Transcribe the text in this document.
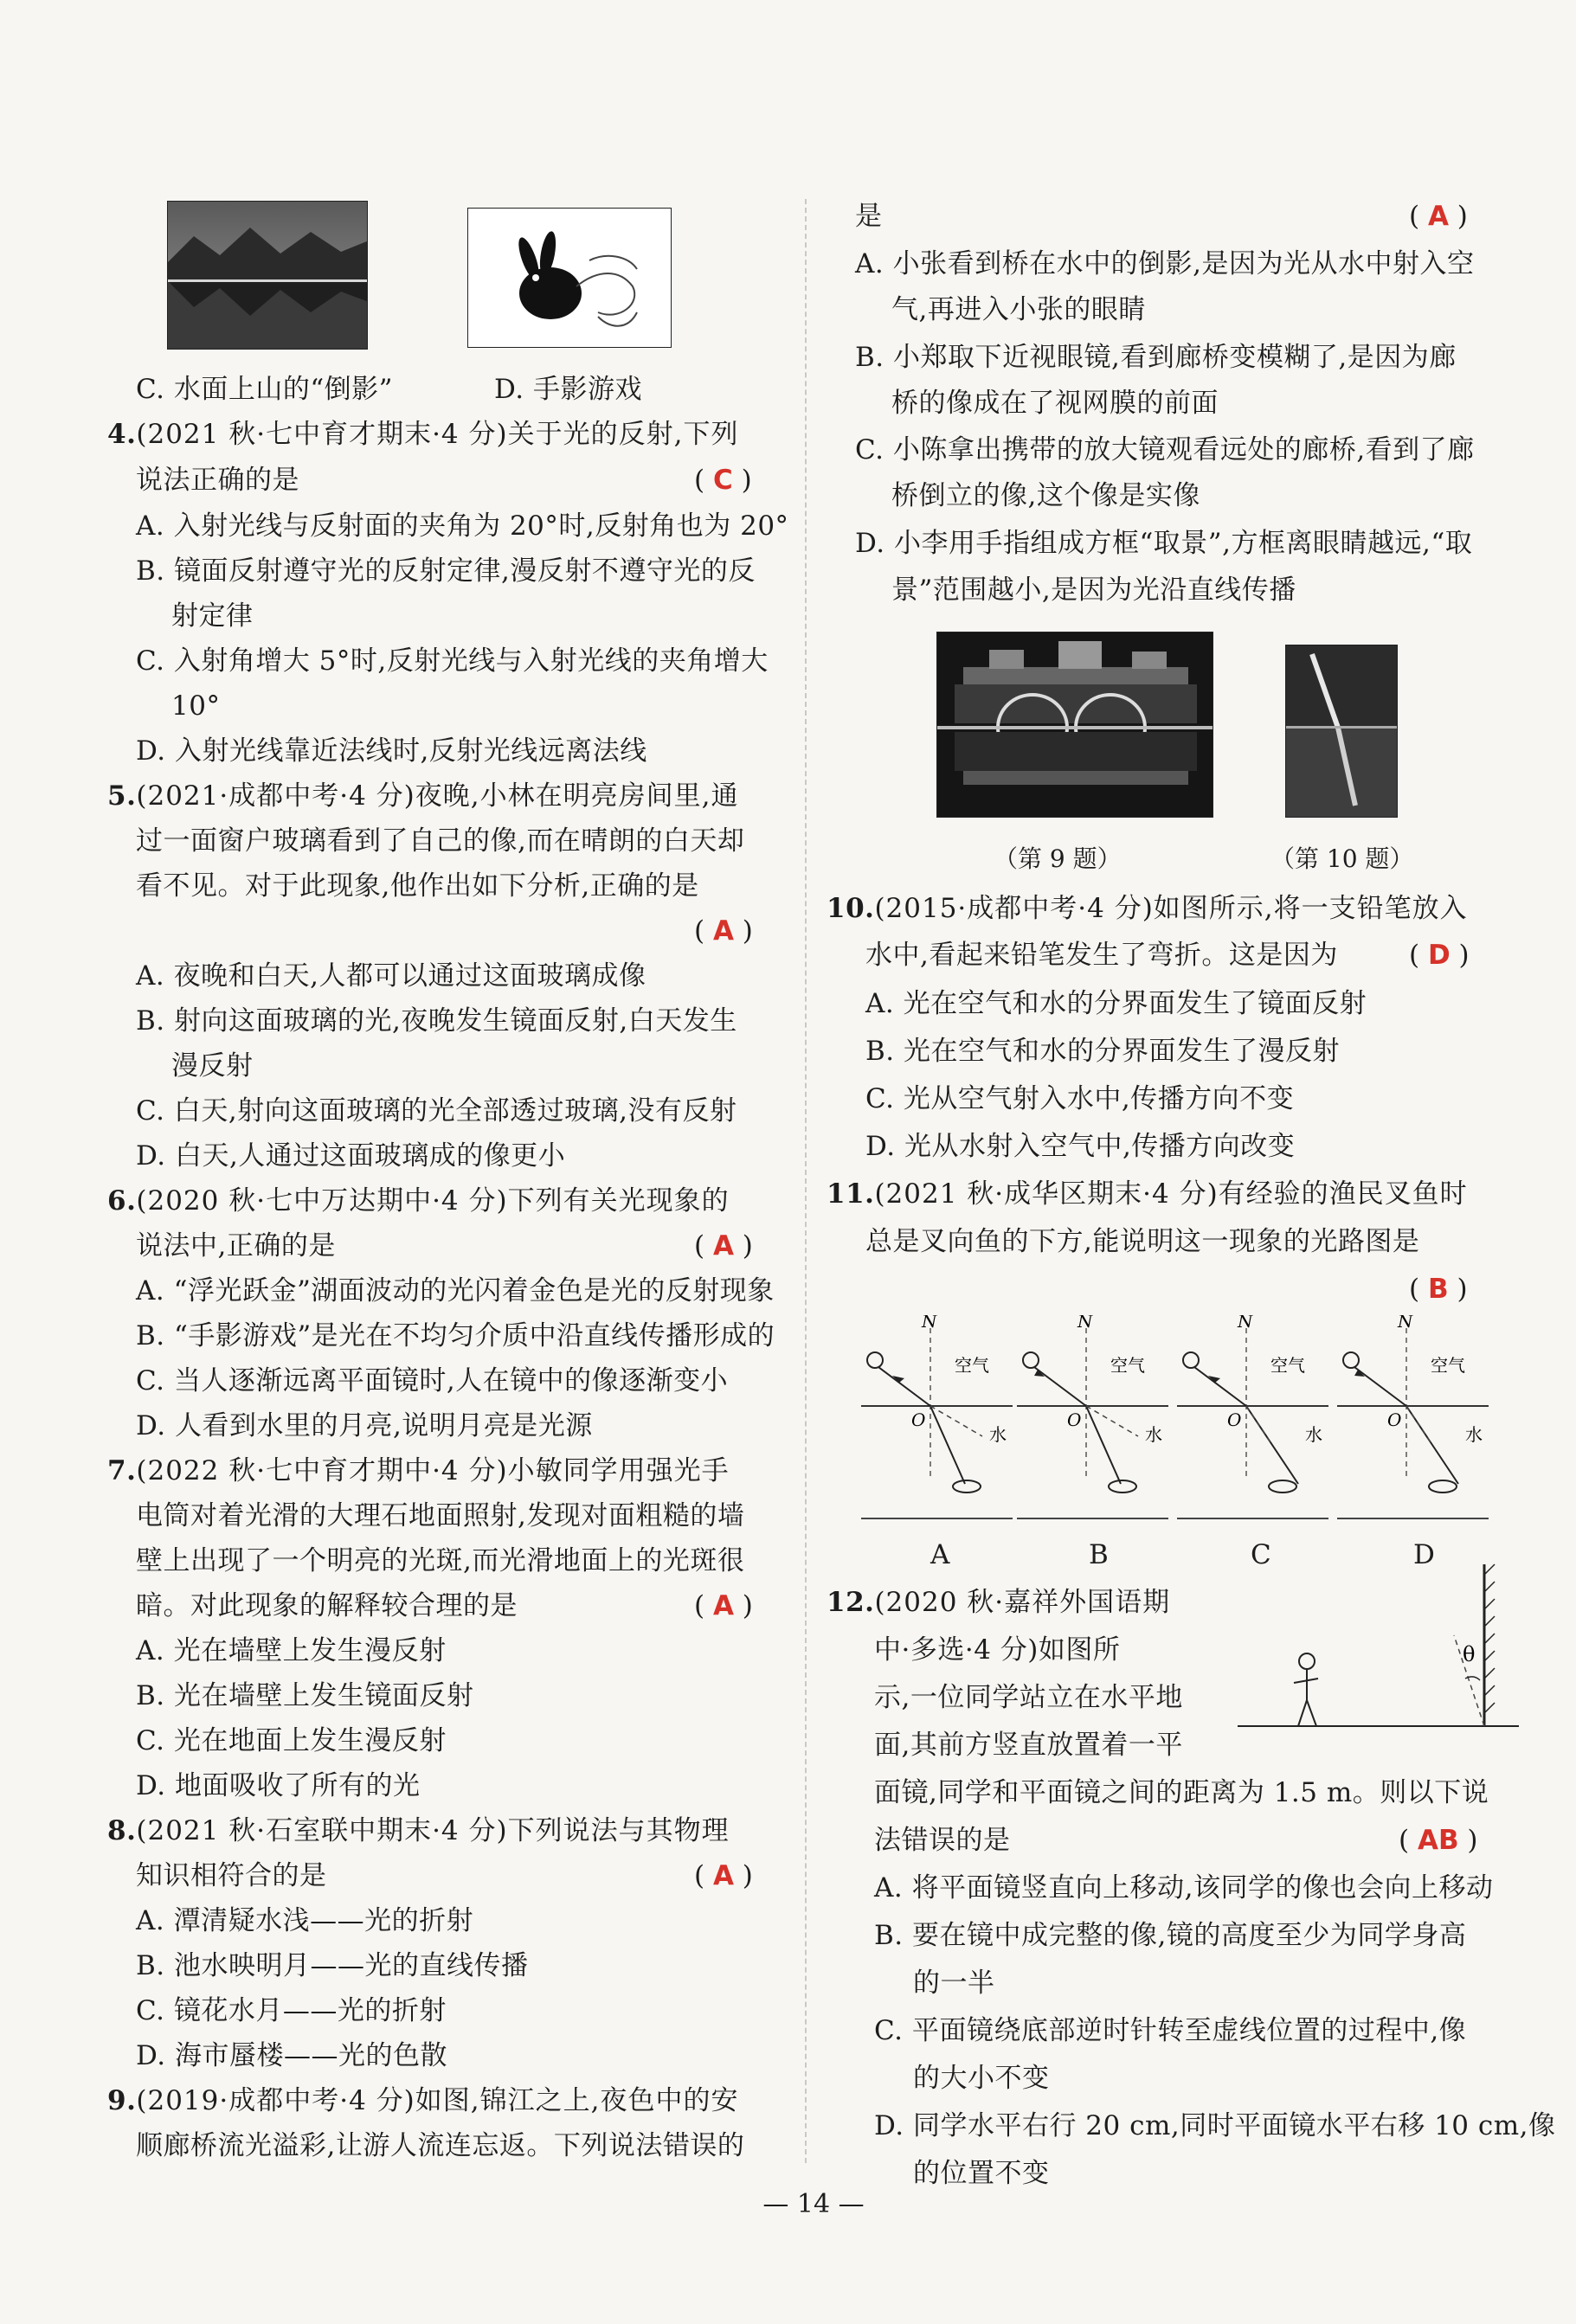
C. 水面上山的“倒影”	D. 手影游戏
4.(2021 秋·七中育才期末·4 分)关于光的反射,下列
说法正确的是	( C )
A. 入射光线与反射面的夹角为 20°时,反射角也为 20°
B. 镜面反射遵守光的反射定律,漫反射不遵守光的反
射定律
C. 入射角增大 5°时,反射光线与入射光线的夹角增大
10°
D. 入射光线靠近法线时,反射光线远离法线
5.(2021·成都中考·4 分)夜晚,小林在明亮房间里,通
过一面窗户玻璃看到了自己的像,而在晴朗的白天却
看不见。对于此现象,他作出如下分析,正确的是
( A )
A. 夜晚和白天,人都可以通过这面玻璃成像
B. 射向这面玻璃的光,夜晚发生镜面反射,白天发生
漫反射
C. 白天,射向这面玻璃的光全部透过玻璃,没有反射
D. 白天,人通过这面玻璃成的像更小
6.(2020 秋·七中万达期中·4 分)下列有关光现象的
说法中,正确的是	( A )
A. “浮光跃金”湖面波动的光闪着金色是光的反射现象
B. “手影游戏”是光在不均匀介质中沿直线传播形成的
C. 当人逐渐远离平面镜时,人在镜中的像逐渐变小
D. 人看到水里的月亮,说明月亮是光源
7.(2022 秋·七中育才期中·4 分)小敏同学用强光手
电筒对着光滑的大理石地面照射,发现对面粗糙的墙
壁上出现了一个明亮的光斑,而光滑地面上的光斑很
暗。对此现象的解释较合理的是	( A )
A. 光在墙壁上发生漫反射
B. 光在墙壁上发生镜面反射
C. 光在地面上发生漫反射
D. 地面吸收了所有的光
8.(2021 秋·石室联中期末·4 分)下列说法与其物理
知识相符合的是	( A )
A. 潭清疑水浅——光的折射
B. 池水映明月——光的直线传播
C. 镜花水月——光的折射
D. 海市蜃楼——光的色散
9.(2019·成都中考·4 分)如图,锦江之上,夜色中的安
顺廊桥流光溢彩,让游人流连忘返。下列说法错误的
是	( A )
A. 小张看到桥在水中的倒影,是因为光从水中射入空
气,再进入小张的眼睛
B. 小郑取下近视眼镜,看到廊桥变模糊了,是因为廊
桥的像成在了视网膜的前面
C. 小陈拿出携带的放大镜观看远处的廊桥,看到了廊
桥倒立的像,这个像是实像
D. 小李用手指组成方框“取景”,方框离眼睛越远,“取
景”范围越小,是因为光沿直线传播
（第 9 题）	（第 10 题）
10.(2015·成都中考·4 分)如图所示,将一支铅笔放入
水中,看起来铅笔发生了弯折。这是因为	( D )
A. 光在空气和水的分界面发生了镜面反射
B. 光在空气和水的分界面发生了漫反射
C. 光从空气射入水中,传播方向不变
D. 光从水射入空气中,传播方向改变
11.(2021 秋·成华区期末·4 分)有经验的渔民叉鱼时
总是叉向鱼的下方,能说明这一现象的光路图是
( B )
N
O
空气
水
N
O
空气
水
N
O
空气
水
N
O
空气
水
A	B	C	D
12.(2020 秋·嘉祥外国语期
中·多选·4 分)如图所
示,一位同学站立在水平地
面,其前方竖直放置着一平
θ
面镜,同学和平面镜之间的距离为 1.5 m。则以下说
法错误的是	( AB )
A. 将平面镜竖直向上移动,该同学的像也会向上移动
B. 要在镜中成完整的像,镜的高度至少为同学身高
的一半
C. 平面镜绕底部逆时针转至虚线位置的过程中,像
的大小不变
D. 同学水平右行 20 cm,同时平面镜水平右移 10 cm,像
的位置不变
— 14 —
